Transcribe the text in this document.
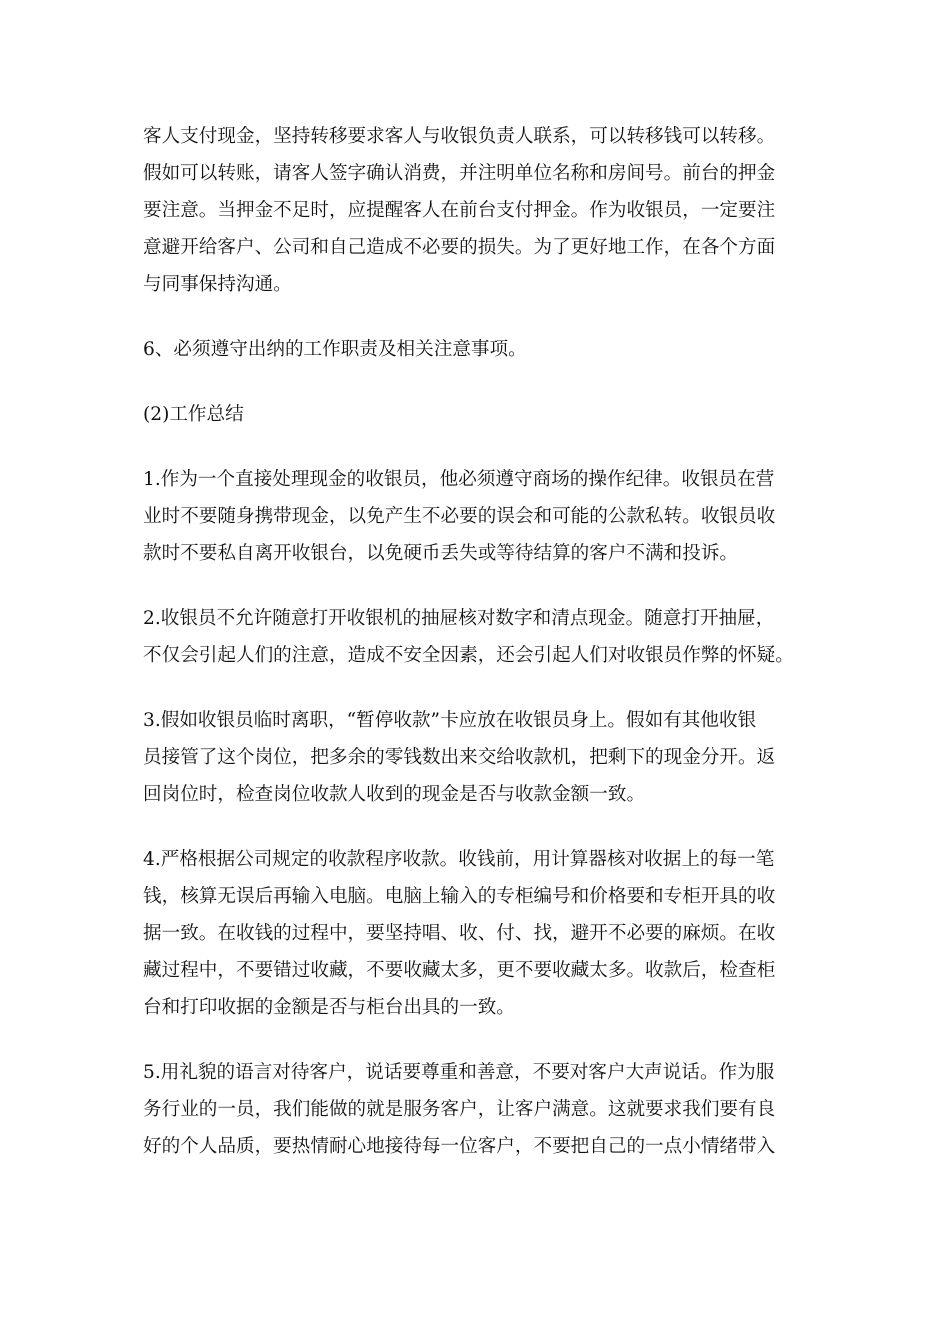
客人支付现金，坚持转移要求客人与收银负责人联系，可以转移钱可以转移。
假如可以转账，请客人签字确认消费，并注明单位名称和房间号。前台的押金
要注意。当押金不足时，应提醒客人在前台支付押金。作为收银员，一定要注
意避开给客户、公司和自己造成不必要的损失。为了更好地工作，在各个方面
与同事保持沟通。

6、必须遵守出纳的工作职责及相关注意事项。

(2)工作总结

1.作为一个直接处理现金的收银员，他必须遵守商场的操作纪律。收银员在营
业时不要随身携带现金，以免产生不必要的误会和可能的公款私转。收银员收
款时不要私自离开收银台，以免硬币丢失或等待结算的客户不满和投诉。

2.收银员不允许随意打开收银机的抽屉核对数字和清点现金。随意打开抽屉，
不仅会引起人们的注意，造成不安全因素，还会引起人们对收银员作弊的怀疑。

3.假如收银员临时离职，“暂停收款”卡应放在收银员身上。假如有其他收银
员接管了这个岗位，把多余的零钱数出来交给收款机，把剩下的现金分开。返
回岗位时，检查岗位收款人收到的现金是否与收款金额一致。

4.严格根据公司规定的收款程序收款。收钱前，用计算器核对收据上的每一笔
钱，核算无误后再输入电脑。电脑上输入的专柜编号和价格要和专柜开具的收
据一致。在收钱的过程中，要坚持唱、收、付、找，避开不必要的麻烦。在收
藏过程中，不要错过收藏，不要收藏太多，更不要收藏太多。收款后，检查柜
台和打印收据的金额是否与柜台出具的一致。

5.用礼貌的语言对待客户，说话要尊重和善意，不要对客户大声说话。作为服
务行业的一员，我们能做的就是服务客户，让客户满意。这就要求我们要有良
好的个人品质，要热情耐心地接待每一位客户，不要把自己的一点小情绪带入
